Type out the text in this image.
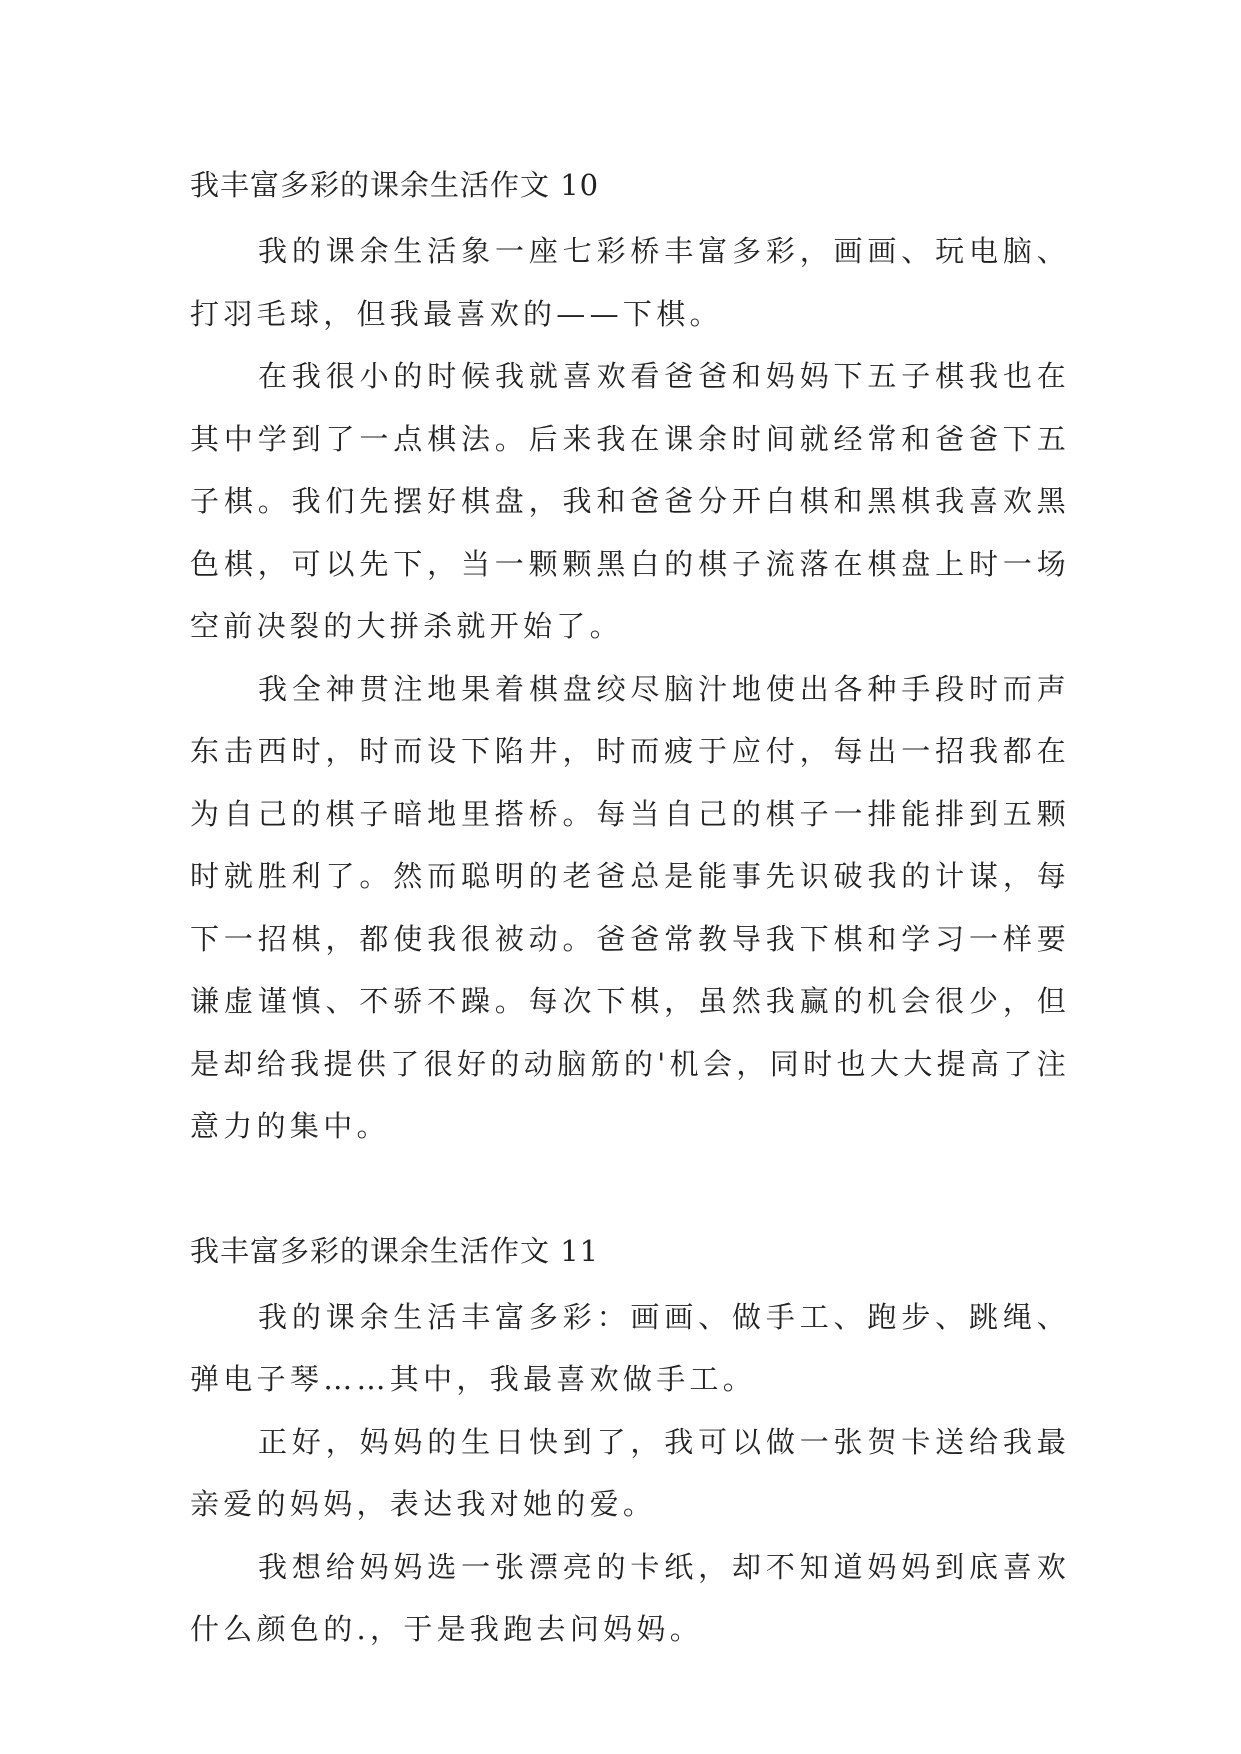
我丰富多彩的课余生活作文 10

我的课余生活象一座七彩桥丰富多彩，画画、玩电脑、打羽毛球，但我最喜欢的——下棋。

在我很小的时候我就喜欢看爸爸和妈妈下五子棋我也在其中学到了一点棋法。后来我在课余时间就经常和爸爸下五子棋。我们先摆好棋盘，我和爸爸分开白棋和黑棋我喜欢黑色棋，可以先下，当一颗颗黑白的棋子流落在棋盘上时一场空前决裂的大拼杀就开始了。

我全神贯注地果着棋盘绞尽脑汁地使出各种手段时而声东击西时，时而设下陷井，时而疲于应付，每出一招我都在为自己的棋子暗地里搭桥。每当自己的棋子一排能排到五颗时就胜利了。然而聪明的老爸总是能事先识破我的计谋，每下一招棋，都使我很被动。爸爸常教导我下棋和学习一样要谦虚谨慎、不骄不躁。每次下棋，虽然我赢的机会很少，但是却给我提供了很好的动脑筋的'机会，同时也大大提高了注意力的集中。

我丰富多彩的课余生活作文 11

我的课余生活丰富多彩：画画、做手工、跑步、跳绳、弹电子琴……其中，我最喜欢做手工。

正好，妈妈的生日快到了，我可以做一张贺卡送给我最亲爱的妈妈，表达我对她的爱。

我想给妈妈选一张漂亮的卡纸，却不知道妈妈到底喜欢什么颜色的.，于是我跑去问妈妈。
